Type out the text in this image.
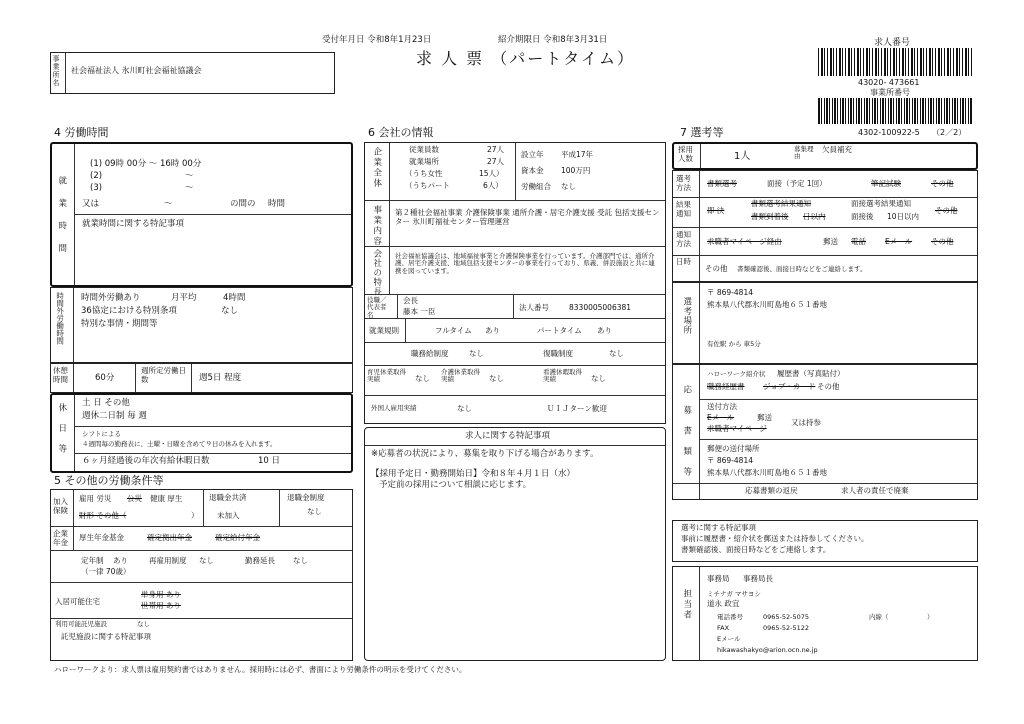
受付年月日 令和8年1月23日	紹介期限日 令和8年3月31日
求 人 票 （パートタイム）
事業所名 社会福祉法人 氷川町社会福祉協議会
求人番号
43020- 473661
事業所番号
4302-100922-5 （2／2）
4 労働時間
就業時間
(1) 09時 00分 ～ 16時 00分
(2)	～
(3)	～
又は	～	の間の 時間
就業時間に関する特記事項
時間外労働時間 時間外労働あり	月平均	4時間
36協定における特別条項	なし
特別な事情・期間等
休憩時間	60分
週所定労働日数	週5日 程度
休日等 土 日 その他
週休二日制 毎 週
シフトによる
４週間毎の勤務表に、土曜・日曜を含めて９日の休みを入れます。
６ヶ月経過後の年次有給休暇日数	10 日
5 その他の労働条件等
加入保険
雇用 労災 公災 健康 厚生
財形 その他（	）
退職金共済
未加入
退職金制度
なし
企業年金
厚生年金基金	確定拠出年金	確定給付年金
定年制 あり
（一律 70歳）
再雇用制度 なし	勤務延長 なし
入居可能住宅
単身用 あり
世帯用 あり
利用可能託児施設	なし
託児施設に関する特記事項
6 会社の情報
企業全体	従業員数	27人
就業場所	27人
（うち女性	15人）
（うちパート	6人）
設立年 平成17年
資本金 100万円
労働組合 なし
事業内容 第２種社会福祉事業 介護保険事業 通所介護・居宅介護支援 受託 包括支援センター 氷川町福祉センター管理運営
会社の特長 社会福祉協議会は、地域福祉事業と介護保険事業を行っています。介護部門では、通所介護、居宅介護支援、地域包括支援センターの事業を行っており、県義、併設施設と共に連携を図っています。
役職／代表者名
会長
藤本 一臣	法人番号	8330005006381
就業規則	フルタイム あり	パートタイム あり
職務給制度	なし	復職制度	なし
育児休業取得実績	なし
介護休業取得実績	なし
看護休暇取得実績	なし
外国人雇用実績	なし	ＵＩＪターン歓迎
求人に関する特記事項
※応募者の状況により、募集を取り下げる場合があります。
【採用予定日・勤務開始日】令和８年４月１日（水）
予定前の採用について相談に応じます。
7 選考等
採用人数	1人
募集理由
欠員補充
選考方法	書類選考	面接（予定 1回）	筆記試験	その他
結果通知	即 決
書類選考結果通知	面接選考結果通知
書類到着後 日以内	面接後 10日以内
その他
通知方法	求職者マイページ経由	郵送 電話	Eメール	その他
日時
その他 書類確認後、面接日時などをご連絡します。
選考場所
〒 869-4814
熊本県八代郡氷川町島地６５１番地
有佐駅 から 車5分
応募書類等
ハローワーク紹介状 履歴書（写真貼付）
職務経歴書 ジョブ・カード その他
送付方法
Eメール	郵送
求職者マイページ
又は持参
郵便の送付場所
〒 869-4814
熊本県八代郡氷川町島地６５１番地
応募書類の返戻	求人者の責任で廃棄
選考に関する特記事項
事前に履歴書・紹介状を郵送または持参してください。
書類確認後、面接日時などをご連絡します。
担当者
事務局 事務局長
ミチナガ マサヨシ
道永 政宜
電話番号	0965-52-5075	内線（	）
FAX	0965-52-5122
Eメール
hikawashakyo@arion.ocn.ne.jp
ハローワークより：求人票は雇用契約書ではありません。採用時には必ず、書面により労働条件の明示を受けてください。
